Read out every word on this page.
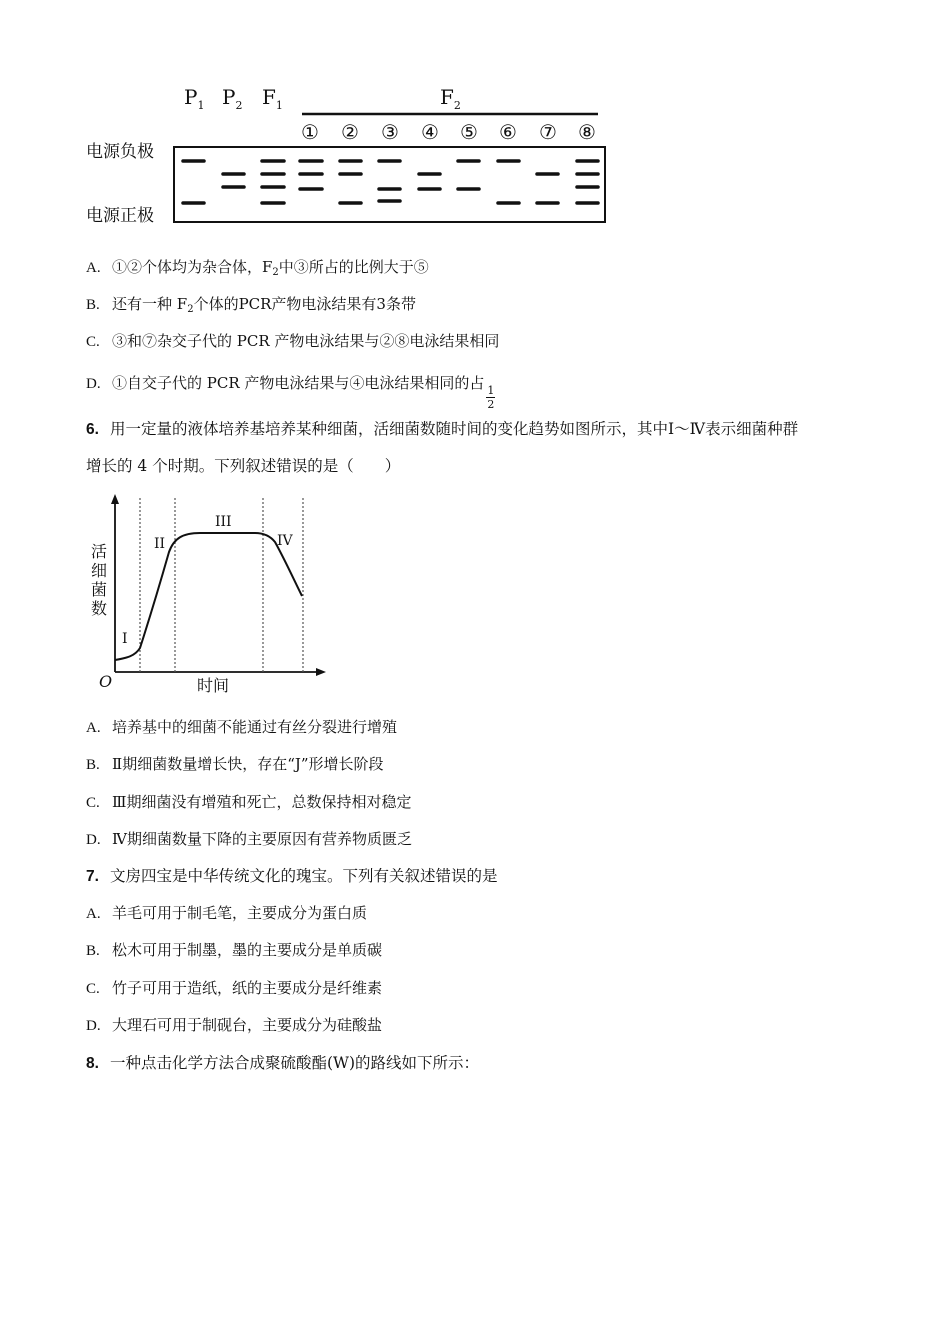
$P_1$ $P_2$ $F_1$	$F_2$
① ② ③ ④ ⑤ ⑥ ⑦ ⑧
电源负极
电源正极
A. ①②个体均为杂合体，$F_2$中③所占的比例大于⑤
B. 还有一种 $F_2$个体的PCR产物电泳结果有3条带
C. ③和⑦杂交子代的 PCR 产物电泳结果与②⑧电泳结果相同
D. ①自交子代的 PCR 产物电泳结果与④电泳结果相同的占
$\frac{1}{2}$
6. 用一定量的液体培养基培养某种细菌，活细菌数随时间的变化趋势如图所示，其中Ⅰ～Ⅳ表示细菌种群
增长的 4 个时期。下列叙述错误的是（　　）
活
细
菌
数
时间
O
I
II
III
IV
A. 培养基中的细菌不能通过有丝分裂进行增殖
B. Ⅱ期细菌数量增长快，存在“J”形增长阶段
C. Ⅲ期细菌没有增殖和死亡，总数保持相对稳定
D. Ⅳ期细菌数量下降的主要原因有营养物质匮乏
7. 文房四宝是中华传统文化的瑰宝。下列有关叙述错误的是
A. 羊毛可用于制毛笔，主要成分为蛋白质
B. 松木可用于制墨，墨的主要成分是单质碳
C. 竹子可用于造纸，纸的主要成分是纤维素
D. 大理石可用于制砚台，主要成分为硅酸盐
8. 一种点击化学方法合成聚硫酸酯(W)的路线如下所示：
